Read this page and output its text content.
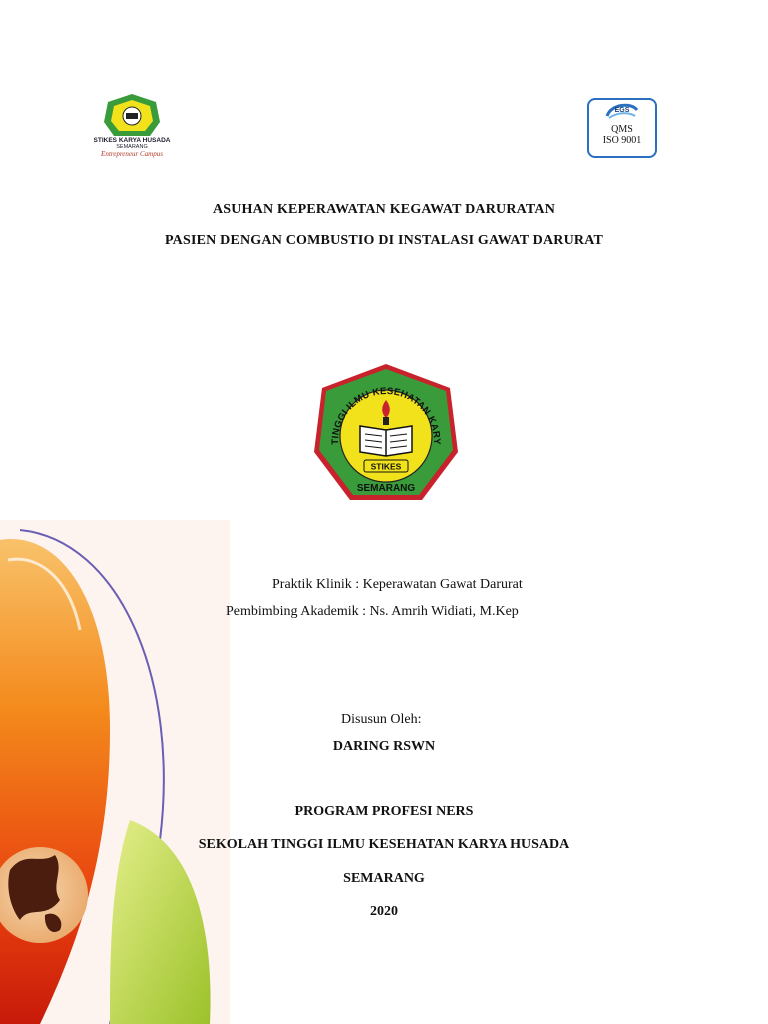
STIKES KARYA HUSADA
SEMARANG
Entrepreneur Campus
EGS
QMS
ISO 9001
ASUHAN KEPERAWATAN KEGAWAT DARURATAN
PASIEN DENGAN COMBUSTIO DI INSTALASI GAWAT DARURAT
TINGGI ILMU KESEHATAN KARY
STIKES
SEMARANG
Praktik Klinik : Keperawatan Gawat Darurat
Pembimbing Akademik : Ns. Amrih Widiati, M.Kep
Disusun Oleh:
DARING RSWN
PROGRAM PROFESI NERS
SEKOLAH TINGGI ILMU KESEHATAN KARYA HUSADA
SEMARANG
2020
